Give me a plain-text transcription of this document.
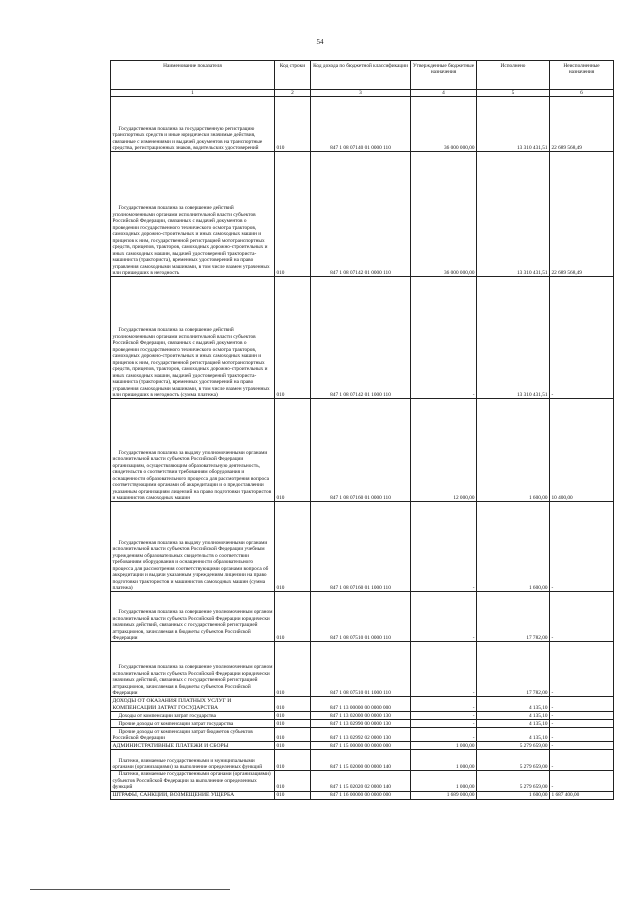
54
Наименование показателя	Код строки	Код дохода по бюджетной классификации	Утвержденные бюджетные назначения	Исполнено	Неисполненные назначения
1	2	3	4	5	6
Государственная пошлина за государственную регистрацию транспортных средств и иные юридически значимые действия, связанные с изменениями и выдачей документов на транспортные средства, регистрационных знаков, водительских удостоверений	010	847 1 08 07140 01 0000 110	36 000 000,00	13 310 431,51	22 689 568,49
Государственная пошлина за совершение действий уполномоченными органами исполнительной власти субъектов Российской Федерации, связанных с выдачей документов о проведении государственного технического осмотра тракторов, самоходных дорожно-строительных и иных самоходных машин и прицепов к ним, государственной регистрацией мототранспортных средств, прицепов, тракторов, самоходных дорожно-строительных и иных самоходных машин, выдачей удостоверений тракториста-машиниста (тракториста), временных удостоверений на право управления самоходными машинами, в том числе взамен утраченных или пришедших в негодность	010	847 1 08 07142 01 0000 110	36 000 000,00	13 310 431,51	22 689 568,49
Государственная пошлина за совершение действий уполномоченными органами исполнительной власти субъектов Российской Федерации, связанных с выдачей документов о проведении государственного технического осмотра тракторов, самоходных дорожно-строительных и иных самоходных машин и прицепов к ним, государственной регистрацией мототранспортных средств, прицепов, тракторов, самоходных дорожно-строительных и иных самоходных машин, выдачей удостоверений тракториста-машиниста (тракториста), временных удостоверений на право управления самоходными машинами, в том числе взамен утраченных или пришедших в негодность (сумма платежа)	010	847 1 08 07142 01 1000 110	-	13 310 431,51	-
Государственная пошлина за выдачу уполномоченными органами исполнительной власти субъектов Российской Федерации организациям, осуществляющим образовательную деятельность, свидетельств о соответствии требованиям оборудования и оснащенности образовательного процесса для рассмотрения вопроса соответствующими органами об аккредитации и о предоставлении указанным организациям лицензий на право подготовки трактористов и машинистов самоходных машин	010	847 1 08 07160 01 0000 110	12 000,00	1 600,00	10 400,00
Государственная пошлина за выдачу уполномоченными органами исполнительной власти субъектов Российской Федерации учебным учреждениям образовательных свидетельств о соответствии требованиям оборудования и оснащенности образовательного процесса для рассмотрения соответствующими органами вопроса об аккредитации и выдачи указанным учреждениям лицензии на право подготовки трактористов и машинистов самоходных машин (сумма платежа)	010	847 1 08 07160 01 1000 110	-	1 600,00	-
Государственная пошлина за совершение уполномоченным органом исполнительной власти субъекта Российской Федерации юридически значимых действий, связанных с государственной регистрацией аттракционов, зачисляемая в бюджеты субъектов Российской Федерации	010	847 1 08 07510 01 0000 110	-	17 782,00	-
Государственная пошлина за совершение уполномоченным органом исполнительной власти субъекта Российской Федерации юридически значимых действий, связанных с государственной регистрацией аттракционов, зачисляемая в бюджеты субъектов Российской Федерации	010	847 1 08 07510 01 1000 110	-	17 782,00	-
ДОХОДЫ ОТ ОКАЗАНИЯ ПЛАТНЫХ УСЛУГ И КОМПЕНСАЦИИ ЗАТРАТ ГОСУДАРСТВА	010	847 1 13 00000 00 0000 000	-	4 135,10	-
Доходы от компенсации затрат государства	010	847 1 13 02000 00 0000 130	-	4 135,10	-
Прочие доходы от компенсации затрат государства	010	847 1 13 02990 00 0000 130	-	4 135,10	-
Прочие доходы от компенсации затрат бюджетов субъектов Российской Федерации	010	847 1 13 02992 02 0000 130	-	4 135,10	-
АДМИНИСТРАТИВНЫЕ ПЛАТЕЖИ И СБОРЫ	010	847 1 15 00000 00 0000 000	1 000,00	5 279 659,00	-
Платежи, взимаемые государственными и муниципальными органами (организациями) за выполнение определенных функций	010	847 1 15 02000 00 0000 140	1 000,00	5 279 659,00	-
Платежи, взимаемые государственными органами (организациями) субъектов Российской Федерации за выполнение определенных функций	010	847 1 15 02020 02 0000 140	1 000,00	5 279 659,00	-
ШТРАФЫ, САНКЦИИ, ВОЗМЕЩЕНИЕ УЩЕРБА	010	847 1 16 00000 00 0000 000	1 689 000,00	1 600,00	1 687 400,00
